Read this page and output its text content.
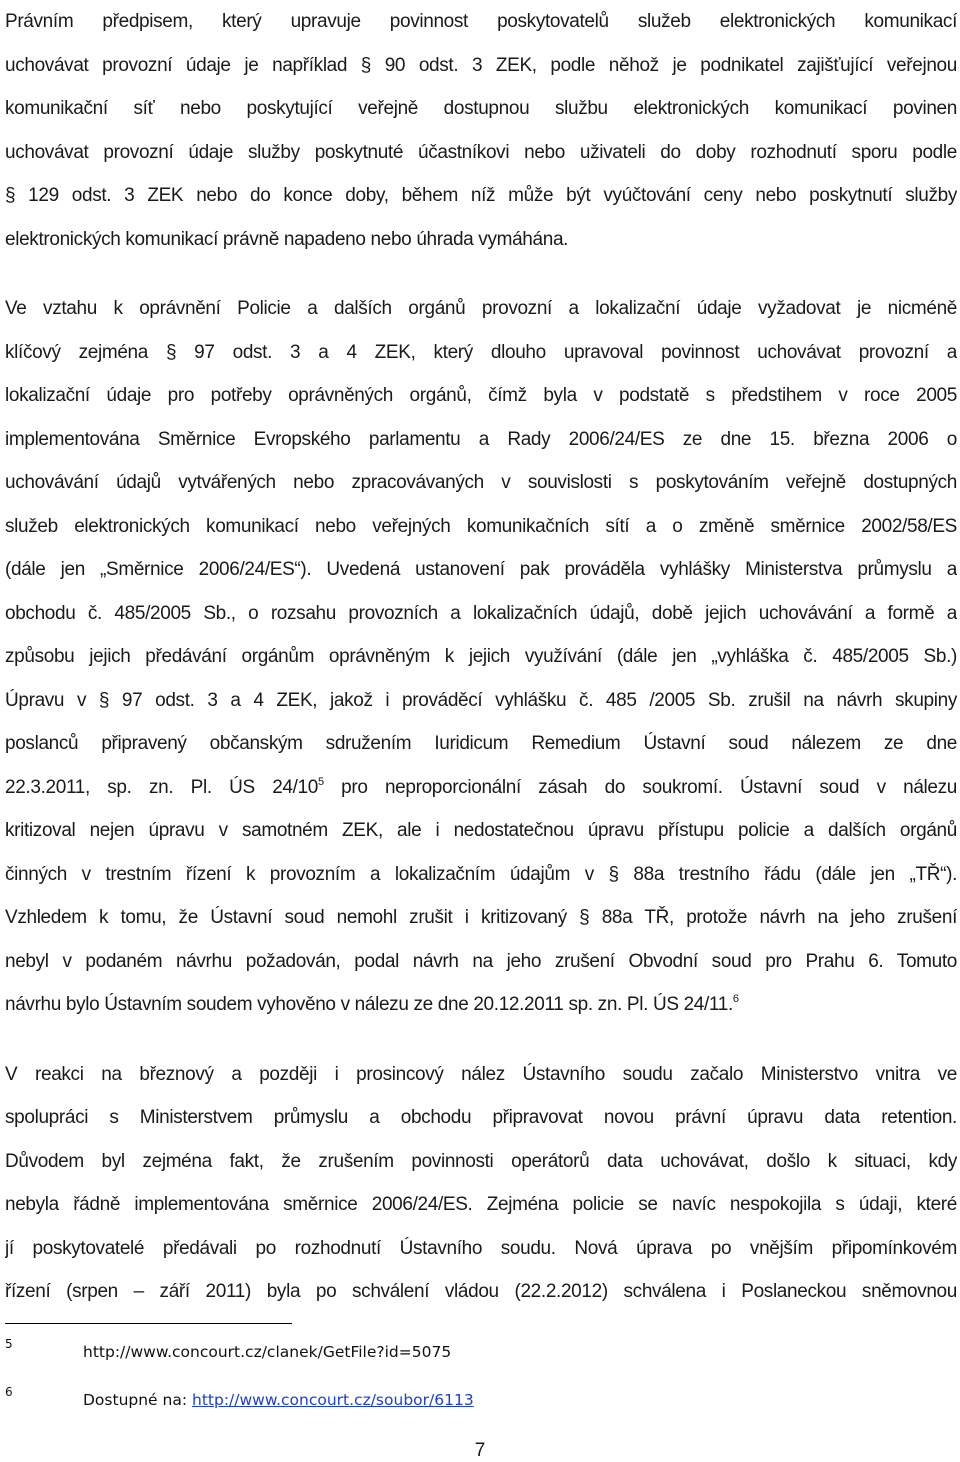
Právním předpisem, který upravuje povinnost poskytovatelů služeb elektronických komunikací
uchovávat provozní údaje je například § 90 odst. 3 ZEK, podle něhož je podnikatel zajišťující veřejnou
komunikační síť nebo poskytující veřejně dostupnou službu elektronických komunikací povinen
uchovávat provozní údaje služby poskytnuté účastníkovi nebo uživateli do doby rozhodnutí sporu podle
§ 129 odst. 3 ZEK nebo do konce doby, během níž může být vyúčtování ceny nebo poskytnutí služby
elektronických komunikací právně napadeno nebo úhrada vymáhána.
Ve vztahu k oprávnění Policie a dalších orgánů provozní a lokalizační údaje vyžadovat je nicméně
klíčový zejména § 97 odst. 3 a 4 ZEK, který dlouho upravoval povinnost uchovávat provozní a
lokalizační údaje pro potřeby oprávněných orgánů, čímž byla v podstatě s předstihem v roce 2005
implementována Směrnice Evropského parlamentu a Rady 2006/24/ES ze dne 15. března 2006 o
uchovávání údajů vytvářených nebo zpracovávaných v souvislosti s poskytováním veřejně dostupných
služeb elektronických komunikací nebo veřejných komunikačních sítí a o změně směrnice 2002/58/ES
(dále jen „Směrnice 2006/24/ES“). Uvedená ustanovení pak prováděla vyhlášky Ministerstva průmyslu a
obchodu č. 485/2005 Sb., o rozsahu provozních a lokalizačních údajů, době jejich uchovávání a formě a
způsobu jejich předávání orgánům oprávněným k jejich využívání (dále jen „vyhláška č. 485/2005 Sb.)
Úpravu v § 97 odst. 3 a 4 ZEK, jakož i prováděcí vyhlášku č. 485 /2005 Sb. zrušil na návrh skupiny
poslanců připravený občanským sdružením Iuridicum Remedium Ústavní soud nálezem ze dne
22.3.2011, sp. zn. Pl. ÚS $24/10^5$ pro neproporcionální zásah do soukromí. Ústavní soud v nálezu
kritizoval nejen úpravu v samotném ZEK, ale i nedostatečnou úpravu přístupu policie a dalších orgánů
činných v trestním řízení k provozním a lokalizačním údajům v § 88a trestního řádu (dále jen „TŘ“).
Vzhledem k tomu, že Ústavní soud nemohl zrušit i kritizovaný § 88a TŘ, protože návrh na jeho zrušení
nebyl v podaném návrhu požadován, podal návrh na jeho zrušení Obvodní soud pro Prahu 6. Tomuto
návrhu bylo Ústavním soudem vyhověno v nálezu ze dne 20.12.2011 sp. zn. Pl. ÚS 24/11.$^6$
V reakci na březnový a později i prosincový nález Ústavního soudu začalo Ministerstvo vnitra ve
spolupráci s Ministerstvem průmyslu a obchodu připravovat novou právní úpravu data retention.
Důvodem byl zejména fakt, že zrušením povinnosti operátorů data uchovávat, došlo k situaci, kdy
nebyla řádně implementována směrnice 2006/24/ES. Zejména policie se navíc nespokojila s údaji, které
jí poskytovatelé předávali po rozhodnutí Ústavního soudu. Nová úprava po vnějším připomínkovém
řízení (srpen – září 2011) byla po schválení vládou (22.2.2012) schválena i Poslaneckou sněmovnou
5	http://www.concourt.cz/clanek/GetFile?id=5075
6	Dostupné na: http://www.concourt.cz/soubor/6113
7
